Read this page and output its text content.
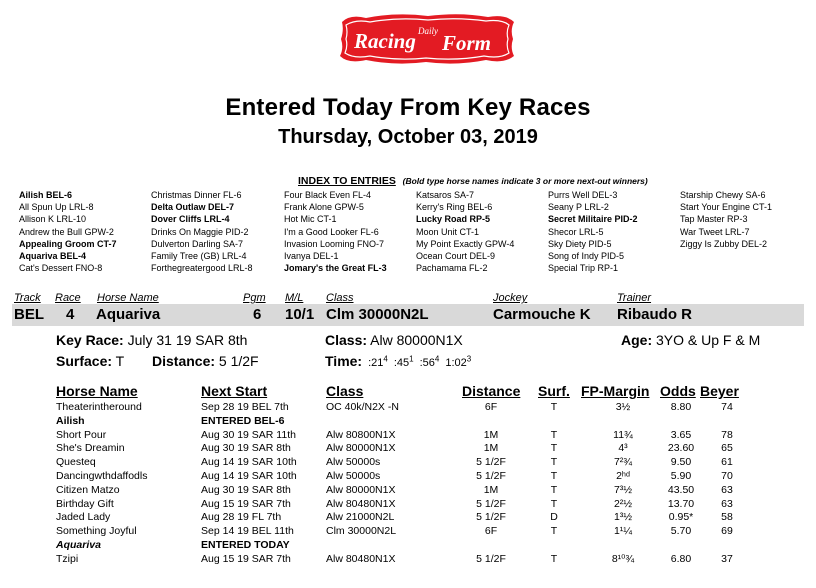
Racing Form
Daily
Entered Today From Key Races
Thursday, October 03, 2019
INDEX TO ENTRIES (Bold type horse names indicate 3 or more next-out winners)
Ailish BEL-6
All Spun Up LRL-8
Allison K LRL-10
Andrew the Bull GPW-2
Appealing Groom CT-7
Aquariva BEL-4
Cat's Dessert FNO-8
Christmas Dinner FL-6
Delta Outlaw DEL-7
Dover Cliffs LRL-4
Drinks On Maggie PID-2
Dulverton Darling SA-7
Family Tree (GB) LRL-4
Forthegreatergood LRL-8
Four Black Even FL-4
Frank Alone GPW-5
Hot Mic CT-1
I'm a Good Looker FL-6
Invasion Looming FNO-7
Ivanya DEL-1
Jomary's the Great FL-3
Katsaros SA-7
Kerry's Ring BEL-6
Lucky Road RP-5
Moon Unit CT-1
My Point Exactly GPW-4
Ocean Court DEL-9
Pachamama FL-2
Purrs Well DEL-3
Seany P LRL-2
Secret Militaire PID-2
Shecor LRL-5
Sky Diety PID-5
Song of Indy PID-5
Special Trip RP-1
Starship Chewy SA-6
Start Your Engine CT-1
Tap Master RP-3
War Tweet LRL-7
Ziggy Is Zubby DEL-2
Track Race Horse Name	Pgm M/L Class	Jockey	Trainer
BEL 4 Aquariva	6 10/1 Clm 30000N2L	Carmouche K Ribaudo R
Key Race: July 31 19 SAR 8th	Class: Alw 80000N1X	Age: 3YO & Up F & M
Surface: T Distance: 5 1/2F	Time: $:21^4$ $:45^1$ $:56^4$ $1:02^3$
Horse Name	Next Start	Class	Distance Surf. FP-Margin Odds Beyer
Theaterintheround	Sep 28 19 BEL 7th	OC 40k/N2X -N	6F	T	3½	8.80	74
Ailish	ENTERED BEL-6
Short Pour	Aug 30 19 SAR 11th	Alw 80800N1X	1M	T	11¾	3.65	78
She's Dreamin	Aug 30 19 SAR 8th	Alw 80000N1X	1M	T	4³	23.60	65
Questeq	Aug 14 19 SAR 10th	Alw 50000s	5 1/2F	T	7²¾	9.50	61
Dancingwthdaffodls	Aug 14 19 SAR 10th	Alw 50000s	5 1/2F	T	2ʰᵈ	5.90	70
Citizen Matzo	Aug 30 19 SAR 8th	Alw 80000N1X	1M	T	7³½	43.50	63
Birthday Gift	Aug 15 19 SAR 7th	Alw 80480N1X	5 1/2F	T	2²½	13.70	63
Jaded Lady	Aug 28 19 FL 7th	Alw 21000N2L	5 1/2F	D	1³½	0.95*	58
Something Joyful	Sep 14 19 BEL 11th	Clm 30000N2L	6F	T	1¹¼	5.70	69
Aquariva	ENTERED TODAY
Tzipi	Aug 15 19 SAR 7th	Alw 80480N1X	5 1/2F	T	8¹⁰¾	6.80	37
